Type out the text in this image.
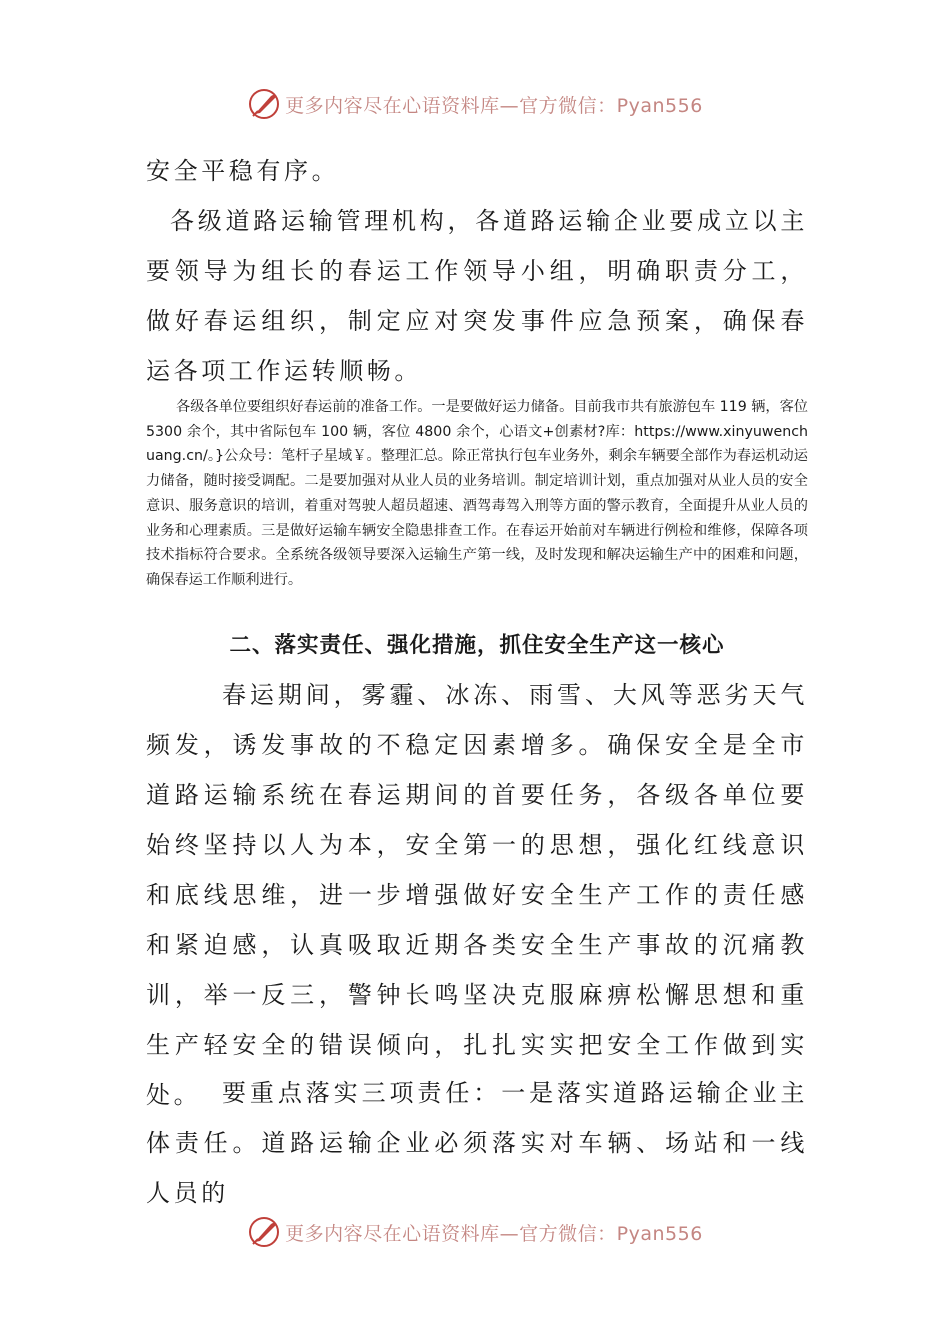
更多内容尽在心语资料库—官方微信：Pyan556

安全平稳有序。

各级道路运输管理机构，各道路运输企业要成立以主要领导为组长的春运工作领导小组，明确职责分工，做好春运组织，制定应对突发事件应急预案，确保春运各项工作运转顺畅。

各级各单位要组织好春运前的准备工作。一是要做好运力储备。目前我市共有旅游包车 119 辆，客位 5300 余个，其中省际包车 100 辆，客位 4800 余个，心语文+创素材?库：https://www.xinyuwenchuang.cn/。}公众号：笔杆子星域￥。整理汇总。除正常执行包车业务外，剩余车辆要全部作为春运机动运力储备，随时接受调配。二是要加强对从业人员的业务培训。制定培训计划，重点加强对从业人员的安全意识、服务意识的培训，着重对驾驶人超员超速、酒驾毒驾入刑等方面的警示教育，全面提升从业人员的业务和心理素质。三是做好运输车辆安全隐患排查工作。在春运开始前对车辆进行例检和维修，保障各项技术指标符合要求。全系统各级领导要深入运输生产第一线，及时发现和解决运输生产中的困难和问题，确保春运工作顺利进行。

二、落实责任、强化措施，抓住安全生产这一核心

春运期间，雾霾、冰冻、雨雪、大风等恶劣天气频发，诱发事故的不稳定因素增多。确保安全是全市道路运输系统在春运期间的首要任务，各级各单位要始终坚持以人为本，安全第一的思想，强化红线意识和底线思维，进一步增强做好安全生产工作的责任感和紧迫感，认真吸取近期各类安全生产事故的沉痛教训，举一反三，警钟长鸣坚决克服麻痹松懈思想和重生产轻安全的错误倾向，扎扎实实把安全工作做到实处。 要重点落实三项责任：一是落实道路运输企业主体责任。道路运输企业必须落实对车辆、场站和一线人员的

更多内容尽在心语资料库—官方微信：Pyan556
